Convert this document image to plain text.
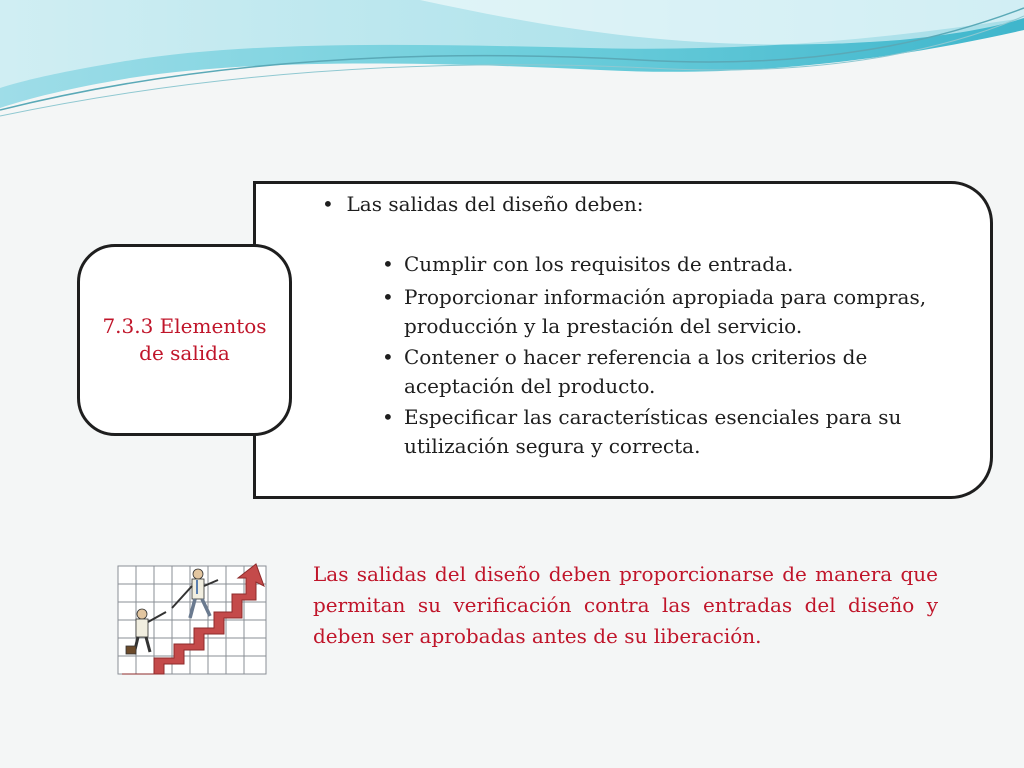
7.3.3 Elementos de salida
•  Las salidas del diseño deben:
• Cumplir con los requisitos de entrada.
• Proporcionar información apropiada para compras, producción y la prestación del servicio.
• Contener o hacer referencia a los criterios de aceptación del producto.
• Especificar las características esenciales para su utilización segura y correcta.
Las salidas del diseño deben proporcionarse de manera que permitan su verificación contra las entradas del diseño y deben ser aprobadas antes de su liberación.
